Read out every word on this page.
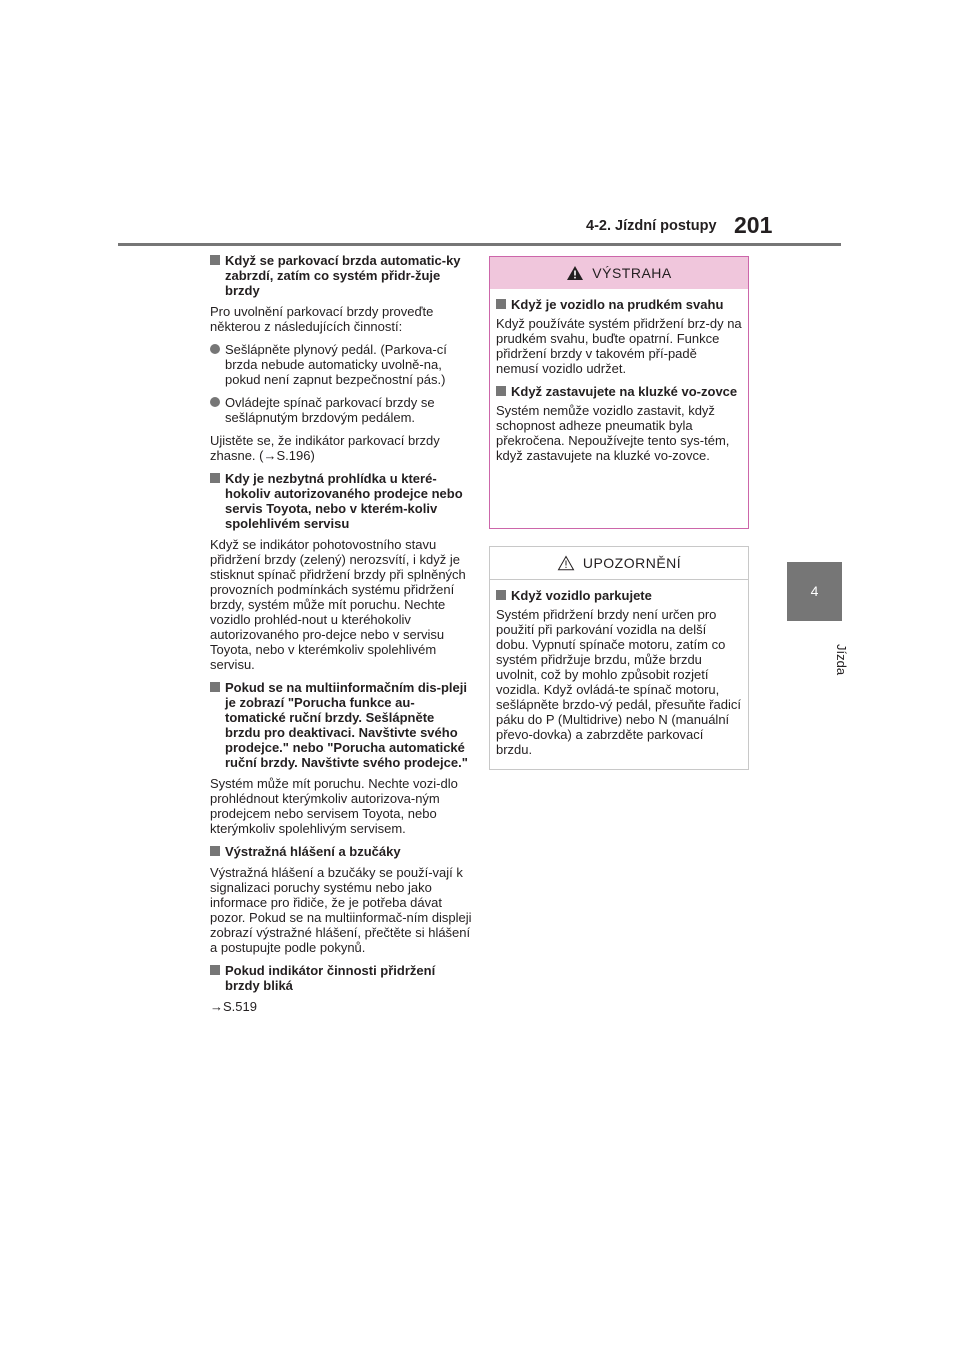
4-2. Jízdní postupy 201
4
Jízda
Když se parkovací brzda automatic-ky zabrzdí, zatím co systém přidr-žuje brzdy
Pro uvolnění parkovací brzdy proveďte některou z následujících činností:
Sešlápněte plynový pedál. (Parkova-cí brzda nebude automaticky uvolně-na, pokud není zapnut bezpečnostní pás.)
Ovládejte spínač parkovací brzdy se sešlápnutým brzdovým pedálem.
Ujistěte se, že indikátor parkovací brzdy zhasne. (→S.196)
Kdy je nezbytná prohlídka u které-hokoliv autorizovaného prodejce nebo servis Toyota, nebo v kterém-koliv spolehlivém servisu
Když se indikátor pohotovostního stavu přidržení brzdy (zelený) nerozsvítí, i když je stisknut spínač přidržení brzdy při splněných provozních podmínkách systému přidržení brzdy, systém může mít poruchu. Nechte vozidlo prohléd-nout u kteréhokoliv autorizovaného pro-dejce nebo v servisu Toyota, nebo v kterémkoliv spolehlivém servisu.
Pokud se na multiinformačním dis-pleji je zobrazí "Porucha funkce au-tomatické ruční brzdy. Sešlápněte brzdu pro deaktivaci. Navštivte svého prodejce." nebo "Porucha automatické ruční brzdy. Navštivte svého prodejce."
Systém může mít poruchu. Nechte vozi-dlo prohlédnout kterýmkoliv autorizova-ným prodejcem nebo servisem Toyota, nebo kterýmkoliv spolehlivým servisem.
Výstražná hlášení a bzučáky
Výstražná hlášení a bzučáky se použí-vají k signalizaci poruchy systému nebo jako informace pro řidiče, že je potřeba dávat pozor. Pokud se na multiinformač-ním displeji zobrazí výstražné hlášení, přečtěte si hlášení a postupujte podle pokynů.
Pokud indikátor činnosti přidržení brzdy bliká
→S.519
VÝSTRAHA
Když je vozidlo na prudkém svahu
Když používáte systém přidržení brz-dy na prudkém svahu, buďte opatrní. Funkce přidržení brzdy v takovém pří-padě nemusí vozidlo udržet.
Když zastavujete na kluzké vo-zovce
Systém nemůže vozidlo zastavit, když schopnost adheze pneumatik byla překročena. Nepoužívejte tento sys-tém, když zastavujete na kluzké vo-zovce.
UPOZORNĚNÍ
Když vozidlo parkujete
Systém přidržení brzdy není určen pro použití při parkování vozidla na delší dobu. Vypnutí spínače motoru, zatím co systém přidržuje brzdu, může brzdu uvolnit, což by mohlo způsobit rozjetí vozidla. Když ovládá-te spínač motoru, sešlápněte brzdo-vý pedál, přesuňte řadicí páku do P (Multidrive) nebo N (manuální převo-dovka) a zabrzděte parkovací brzdu.
